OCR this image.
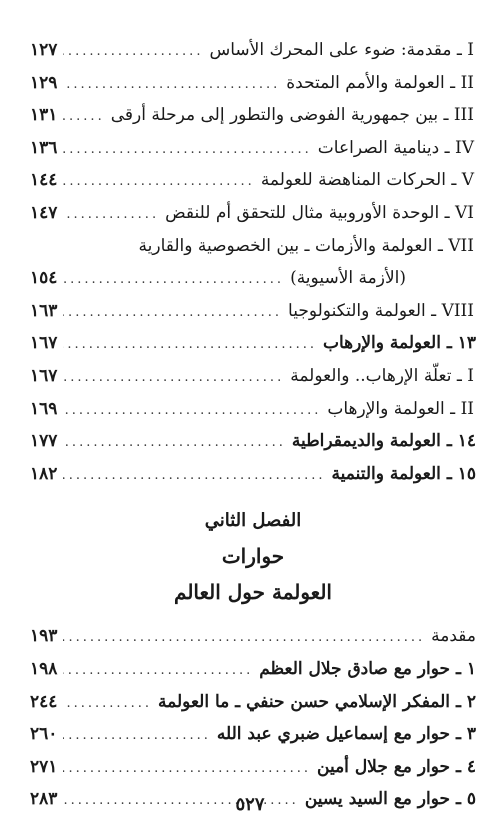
I ـ مقدمة: ضوء على المحرك الأساس
.....
١٢٧
II ـ العولمة والأمم المتحدة
.....
١٢٩
III ـ بين جمهورية الفوضى والتطور إلى مرحلة أرقى
.....
١٣١
IV ـ دينامية الصراعات
.....
١٣٦
V ـ الحركات المناهضة للعولمة
.....
١٤٤
VI ـ الوحدة الأوروبية مثال للتحقق أم للنقض
.....
١٤٧
VII ـ العولمة والأزمات ـ بين الخصوصية والقارية
(الأزمة الأسيوية)
.....
١٥٤
VIII ـ العولمة والتكنولوجيا
.....
١٦٣
١٣ ـ العولمة والإرهاب
.....
١٦٧
I ـ تعلّة الإرهاب.. والعولمة
.....
١٦٧
II ـ العولمة والإرهاب
.....
١٦٩
١٤ ـ العولمة والديمقراطية
.....
١٧٧
١٥ ـ العولمة والتنمية
.....
١٨٢
الفصل الثاني
حوارات
العولمة حول العالم
مقدمة
.....
١٩٣
١ ـ حوار مع صادق جلال العظم
.....
١٩٨
٢ ـ المفكر الإسلامي حسن حنفي ـ ما العولمة
.....
٢٤٤
٣ ـ حوار مع إسماعيل ضبري عبد الله
.....
٢٦٠
٤ ـ حوار مع جلال أمين
.....
٢٧١
٥ ـ حوار مع السيد يسين
.....
٢٨٣	٥٢٧
